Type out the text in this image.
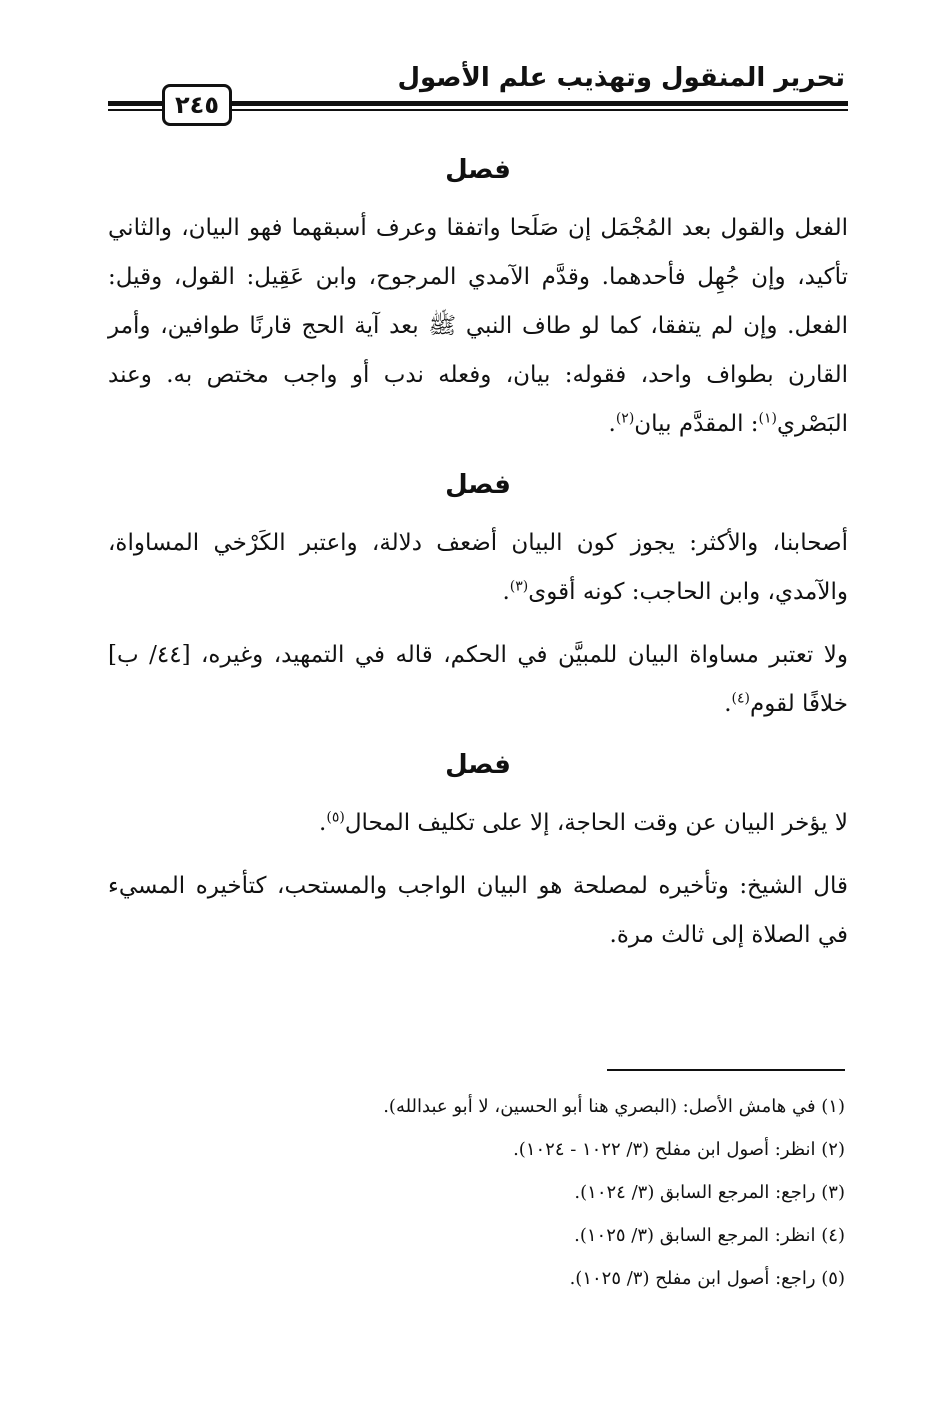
تحرير المنقول وتهذيب علم الأصول
٢٤٥
فصل

الفعل والقول بعد المُجْمَل إن صَلَحا واتفقا وعرف أسبقهما فهو البيان، والثاني تأكيد، وإن جُهِل فأحدهما. وقدَّم الآمدي المرجوح، وابن عَقِيل: القول، وقيل: الفعل. وإن لم يتفقا، كما لو طاف النبي ﷺ بعد آية الحج قارنًا طوافين، وأمر القارن بطواف واحد، فقوله: بيان، وفعله ندب أو واجب مختص به. وعند البَصْري$^{(١)}$: المقدَّم بيان$^{(٢)}$.

فصل

أصحابنا، والأكثر: يجوز كون البيان أضعف دلالة، واعتبر الكَرْخي المساواة، والآمدي، وابن الحاجب: كونه أقوى$^{(٣)}$.

ولا تعتبر مساواة البيان للمبيَّن في الحكم، قاله في التمهيد، وغيره، [٤٤/ ب] خلافًا لقوم$^{(٤)}$.

فصل

لا يؤخر البيان عن وقت الحاجة، إلا على تكليف المحال$^{(٥)}$.

قال الشيخ: وتأخيره لمصلحة هو البيان الواجب والمستحب، كتأخيره المسيء في الصلاة إلى ثالث مرة.

(١) في هامش الأصل: (البصري هنا أبو الحسين، لا أبو عبدالله).
(٢) انظر: أصول ابن مفلح (٣/ ١٠٢٢ - ١٠٢٤).
(٣) راجع: المرجع السابق (٣/ ١٠٢٤).
(٤) انظر: المرجع السابق (٣/ ١٠٢٥).
(٥) راجع: أصول ابن مفلح (٣/ ١٠٢٥).
